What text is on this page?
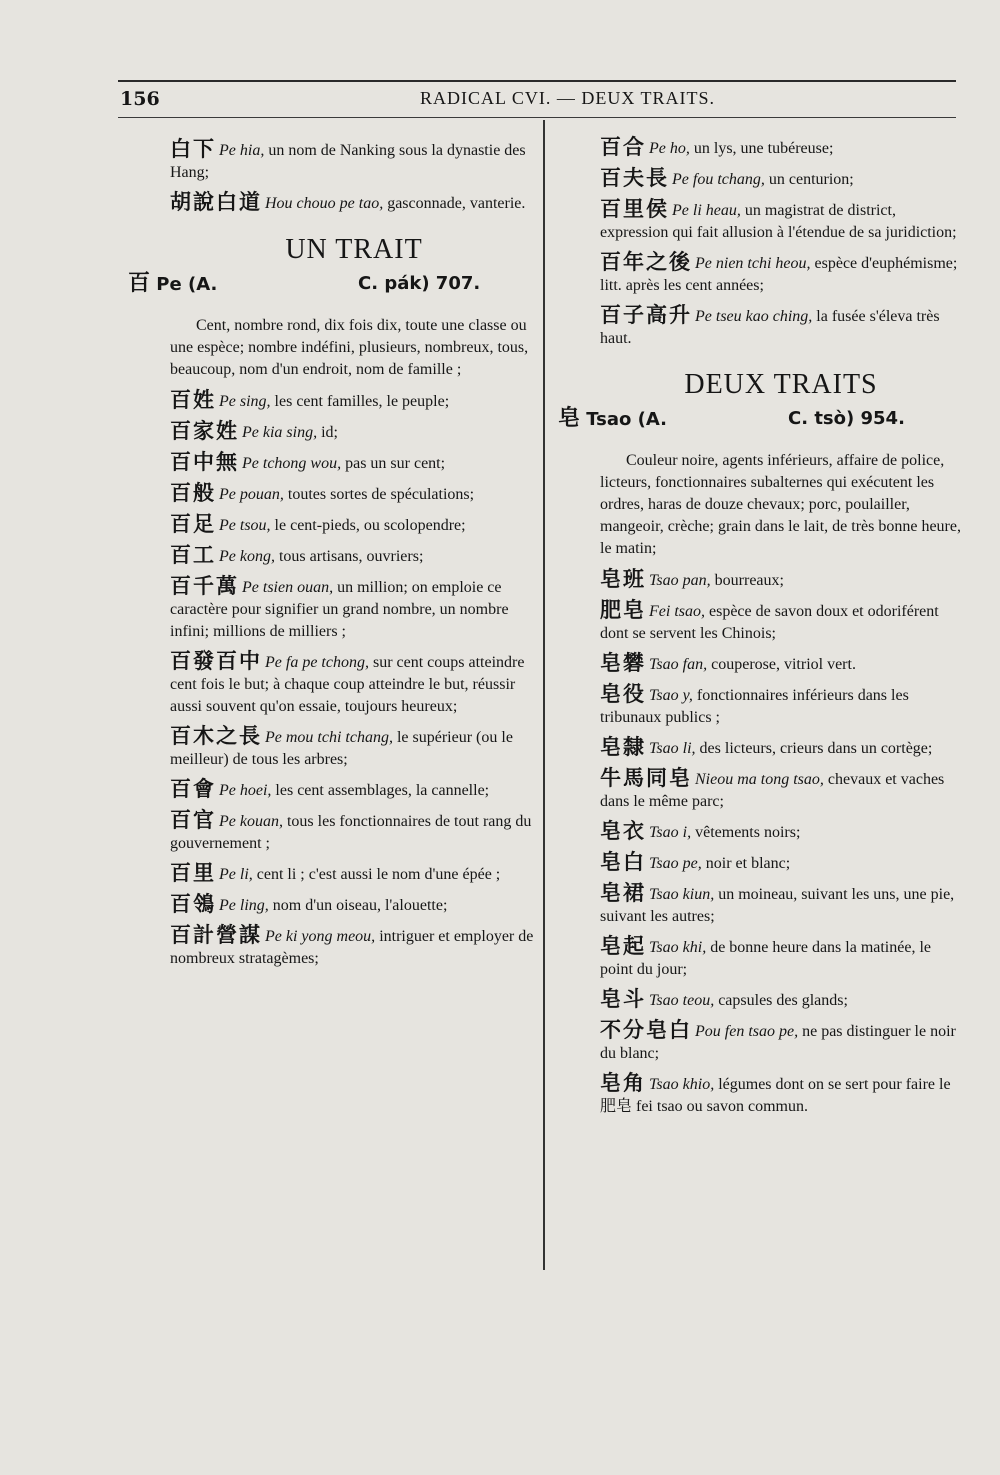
156	RADICAL CVI. — DEUX TRAITS.
白下 Pe hia, un nom de Nanking sous la dynastie des Hang;
胡說白道 Hou chouo pe tao, gasconnade, vanterie.
UN TRAIT
百 Pe (A.	C. pák) 707.
Cent, nombre rond, dix fois dix, toute une classe ou une espèce; nombre indéfini, plusieurs, nombreux, tous, beaucoup, nom d'un endroit, nom de famille ;
百姓 Pe sing, les cent familles, le peuple;
百家姓 Pe kia sing, id;
百中無 Pe tchong wou, pas un sur cent;
百般 Pe pouan, toutes sortes de spéculations;
百足 Pe tsou, le cent-pieds, ou scolopendre;
百工 Pe kong, tous artisans, ouvriers;
百千萬 Pe tsien ouan, un million; on emploie ce caractère pour signifier un grand nombre, un nombre infini; millions de milliers ;
百發百中 Pe fa pe tchong, sur cent coups atteindre cent fois le but; à chaque coup atteindre le but, réussir aussi souvent qu'on essaie, toujours heureux;
百木之長 Pe mou tchi tchang, le supérieur (ou le meilleur) de tous les arbres;
百會 Pe hoei, les cent assemblages, la cannelle;
百官 Pe kouan, tous les fonctionnaires de tout rang du gouvernement ;
百里 Pe li, cent li ; c'est aussi le nom d'une épée ;
百鴒 Pe ling, nom d'un oiseau, l'alouette;
百計營謀 Pe ki yong meou, intriguer et employer de nombreux stratagèmes;
百合 Pe ho, un lys, une tubéreuse;
百夫長 Pe fou tchang, un centurion;
百里侯 Pe li heau, un magistrat de district, expression qui fait allusion à l'étendue de sa juridiction;
百年之後 Pe nien tchi heou, espèce d'euphémisme; litt. après les cent années;
百子高升 Pe tseu kao ching, la fusée s'éleva très haut.
DEUX TRAITS
皂 Tsao (A.	C. tsò) 954.
Couleur noire, agents inférieurs, affaire de police, licteurs, fonctionnaires subalternes qui exécutent les ordres, haras de douze chevaux; porc, poulailler, mangeoir, crèche; grain dans le lait, de très bonne heure, le matin;
皂班 Tsao pan, bourreaux;
肥皂 Fei tsao, espèce de savon doux et odoriférent dont se servent les Chinois;
皂礬 Tsao fan, couperose, vitriol vert.
皂役 Tsao y, fonctionnaires inférieurs dans les tribunaux publics ;
皂隸 Tsao li, des licteurs, crieurs dans un cortège;
牛馬同皂 Nieou ma tong tsao, chevaux et vaches dans le même parc;
皂衣 Tsao i, vêtements noirs;
皂白 Tsao pe, noir et blanc;
皂裙 Tsao kiun, un moineau, suivant les uns, une pie, suivant les autres;
皂起 Tsao khi, de bonne heure dans la matinée, le point du jour;
皂斗 Tsao teou, capsules des glands;
不分皂白 Pou fen tsao pe, ne pas distinguer le noir du blanc;
皂角 Tsao khio, légumes dont on se sert pour faire le 肥皂 fei tsao ou savon commun.
